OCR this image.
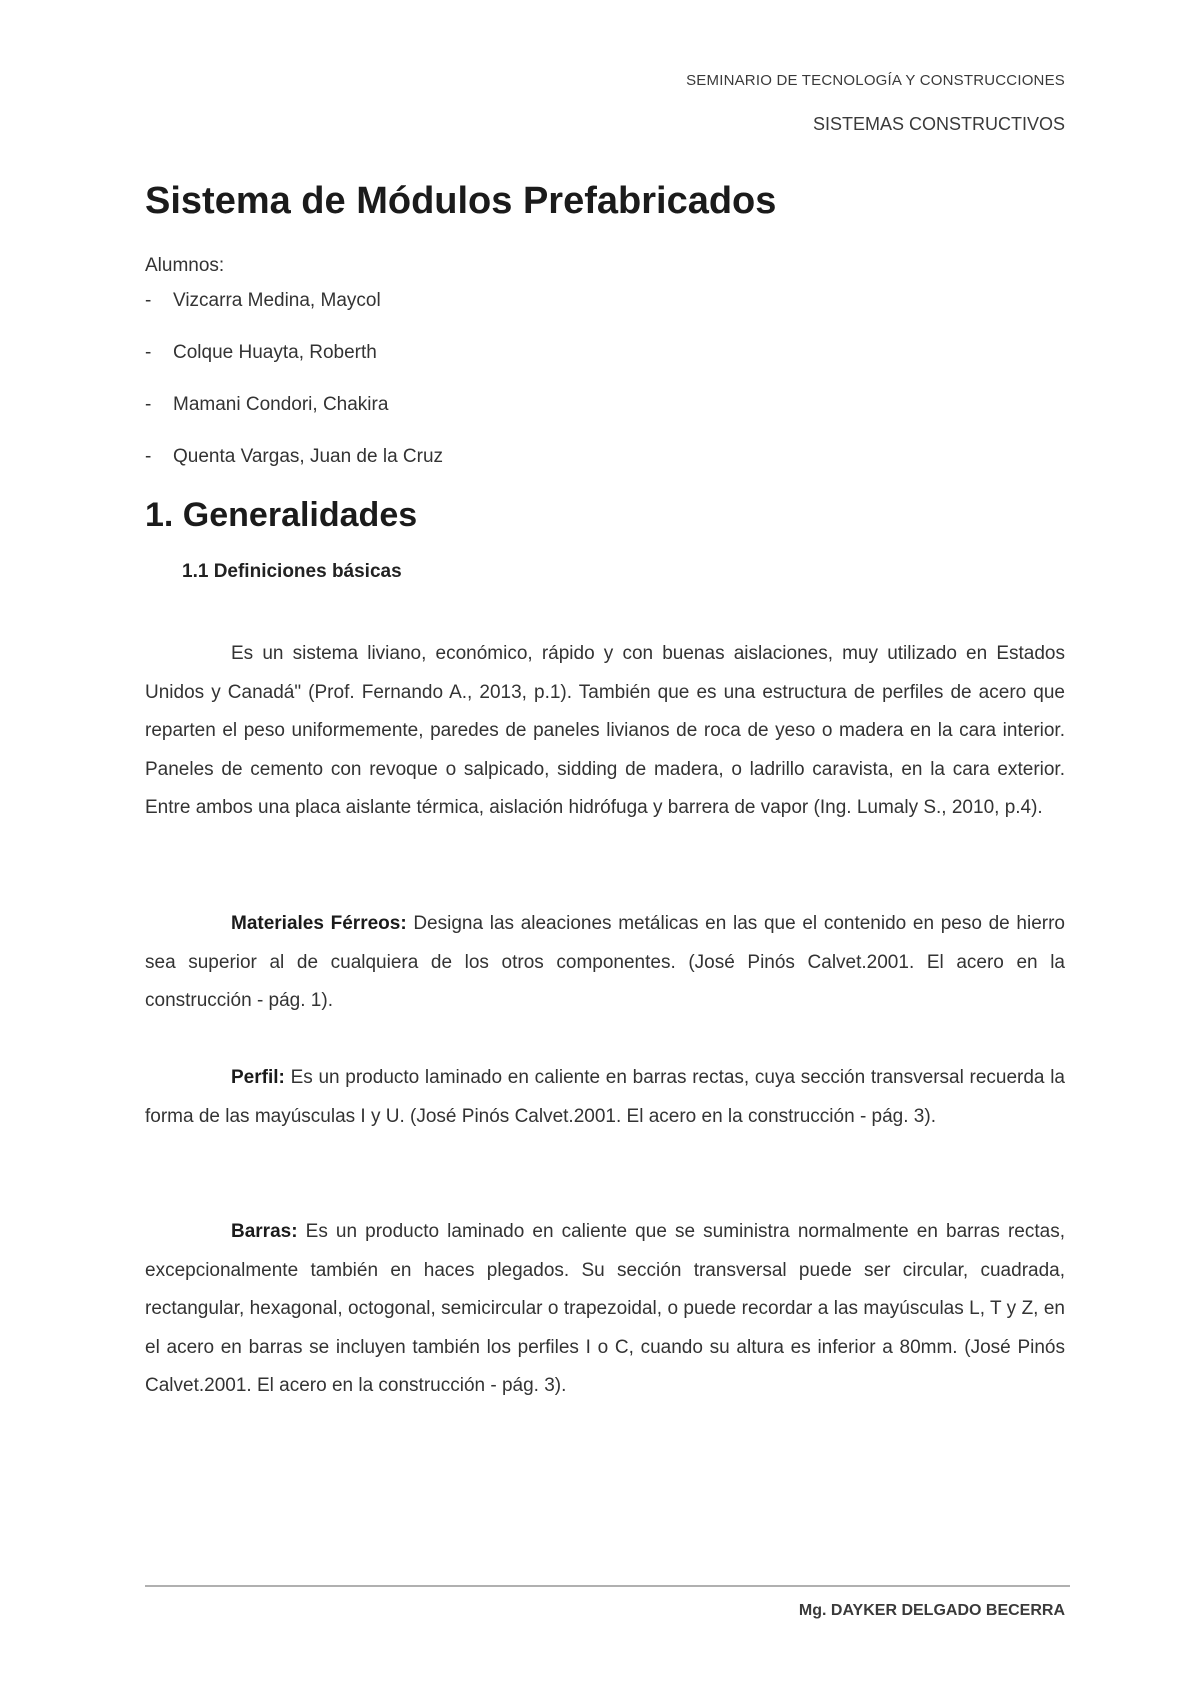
SEMINARIO DE TECNOLOGÍA Y CONSTRUCCIONES
SISTEMAS CONSTRUCTIVOS
Sistema de Módulos Prefabricados
Alumnos:
-	Vizcarra Medina, Maycol
-	Colque Huayta, Roberth
-	Mamani Condori, Chakira
-	Quenta Vargas, Juan de la Cruz
1. Generalidades
1.1 Definiciones básicas

Es un sistema liviano, económico, rápido y con buenas aislaciones, muy utilizado en Estados Unidos y Canadá" (Prof. Fernando A., 2013, p.1). También que es una estructura de perfiles de acero que reparten el peso uniformemente, paredes de paneles livianos de roca de yeso o madera en la cara interior. Paneles de cemento con revoque o salpicado, sidding de madera, o ladrillo caravista, en la cara exterior. Entre ambos una placa aislante térmica, aislación hidrófuga y barrera de vapor (Ing. Lumaly S., 2010, p.4).

Materiales Férreos: Designa las aleaciones metálicas en las que el contenido en peso de hierro sea superior al de cualquiera de los otros componentes. (José Pinós Calvet.2001. El acero en la construcción - pág. 1).

Perfil: Es un producto laminado en caliente en barras rectas, cuya sección transversal recuerda la forma de las mayúsculas I y U. (José Pinós Calvet.2001. El acero en la construcción - pág. 3).

Barras: Es un producto laminado en caliente que se suministra normalmente en barras rectas, excepcionalmente también en haces plegados. Su sección transversal puede ser circular, cuadrada, rectangular, hexagonal, octogonal, semicircular o trapezoidal, o puede recordar a las mayúsculas L, T y Z, en el acero en barras se incluyen también los perfiles I o C, cuando su altura es inferior a 80mm. (José Pinós Calvet.2001. El acero en la construcción - pág. 3).

Mg. DAYKER DELGADO BECERRA
